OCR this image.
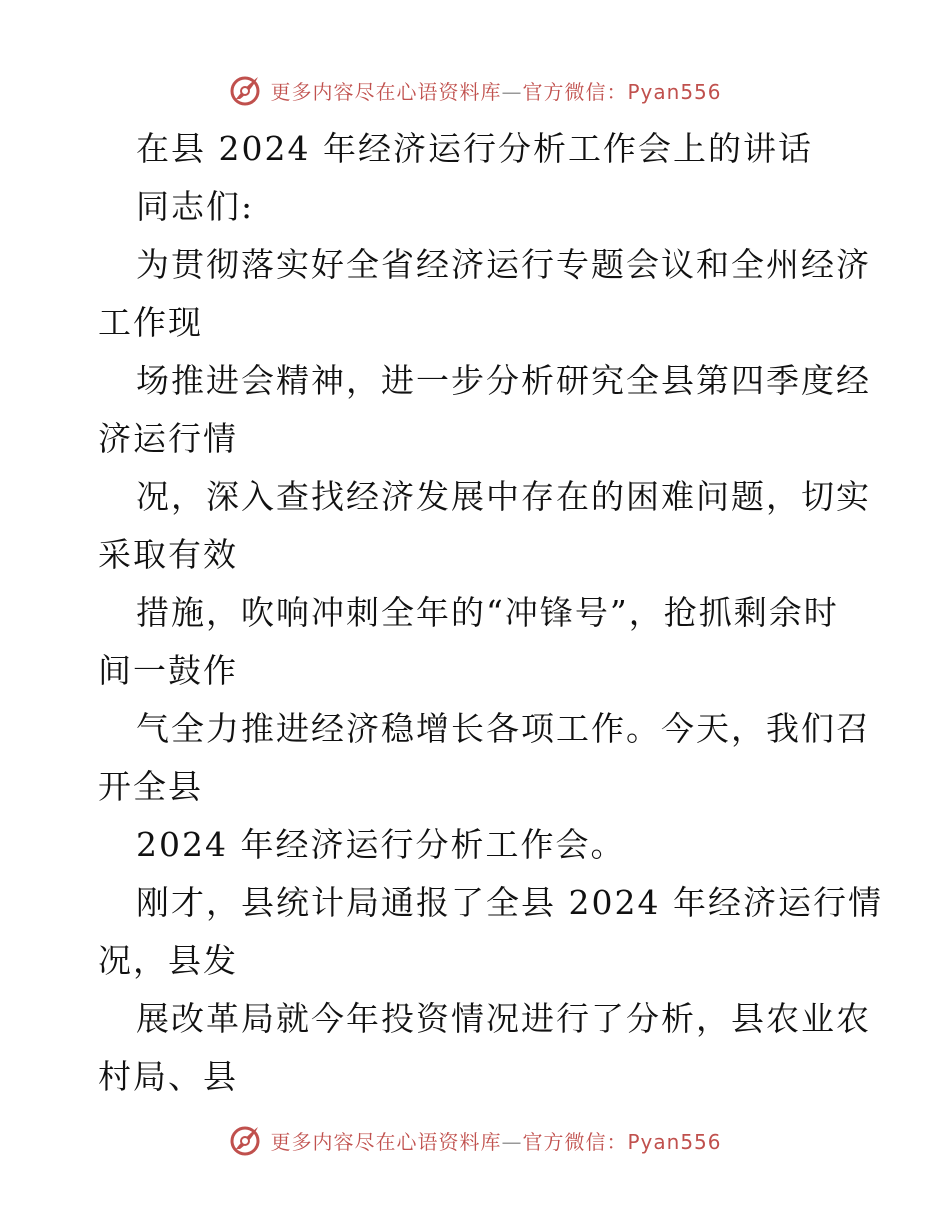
更多内容尽在心语资料库—官方微信：Pyan556
在县 2024 年经济运行分析工作会上的讲话
同志们:
为贯彻落实好全省经济运行专题会议和全州经济
工作现
场推进会精神，进一步分析研究全县第四季度经
济运行情
况，深入查找经济发展中存在的困难问题，切实
采取有效
措施，吹响冲刺全年的“冲锋号”，抢抓剩余时
间一鼓作
气全力推进经济稳增长各项工作。今天，我们召
开全县
2024 年经济运行分析工作会。
刚才，县统计局通报了全县 2024 年经济运行情
况，县发
展改革局就今年投资情况进行了分析，县农业农
村局、县
更多内容尽在心语资料库—官方微信：Pyan556
